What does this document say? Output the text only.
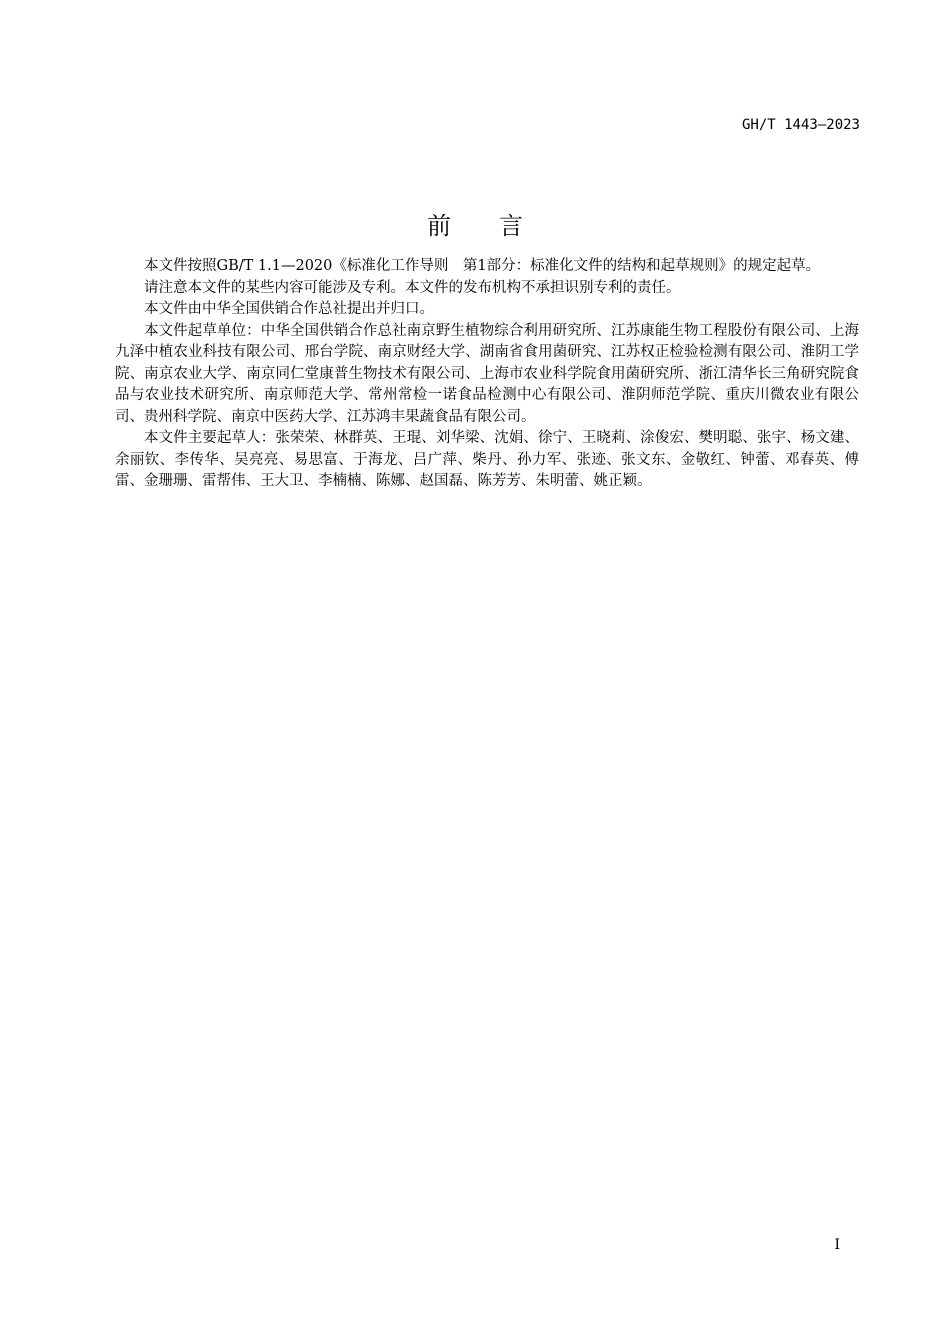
GH/T 1443—2023
前言

本文件按照GB/T 1.1—2020《标准化工作导则　第1部分：标准化文件的结构和起草规则》的规定起草。

请注意本文件的某些内容可能涉及专利。本文件的发布机构不承担识别专利的责任。

本文件由中华全国供销合作总社提出并归口。

本文件起草单位：中华全国供销合作总社南京野生植物综合利用研究所、江苏康能生物工程股份有限公司、上海九泽中植农业科技有限公司、邢台学院、南京财经大学、湖南省食用菌研究、江苏权正检验检测有限公司、淮阴工学院、南京农业大学、南京同仁堂康普生物技术有限公司、上海市农业科学院食用菌研究所、浙江清华长三角研究院食品与农业技术研究所、南京师范大学、常州常检一诺食品检测中心有限公司、淮阴师范学院、重庆川微农业有限公司、贵州科学院、南京中医药大学、江苏鸿丰果蔬食品有限公司。

本文件主要起草人：张荣荣、林群英、王琨、刘华梁、沈娟、徐宁、王晓莉、涂俊宏、樊明聪、张宇、杨文建、余丽钦、李传华、吴亮亮、易思富、于海龙、吕广萍、柴丹、孙力军、张迹、张文东、金敬红、钟蕾、邓春英、傅雷、金珊珊、雷帮伟、王大卫、李楠楠、陈娜、赵国磊、陈芳芳、朱明蕾、姚正颖。

I
